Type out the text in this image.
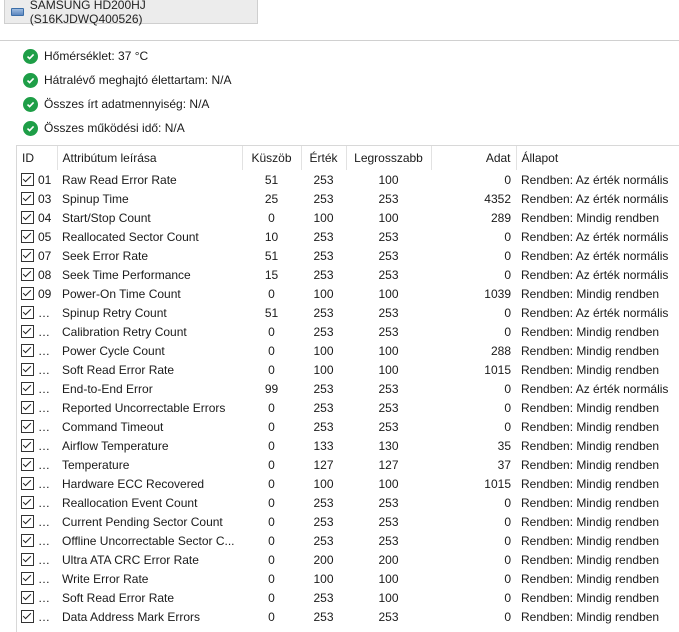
SAMSUNG HD200HJ (S16KJDWQ400526)
Hőmérséklet: 37 °C
Hátralévő meghajtó élettartam: N/A
Összes írt adatmennyiség: N/A
Összes működési idő: N/A
ID	Attribútum leírása	Küszöb	Érték	Legrosszabb	Adat	Állapot
01	Raw Read Error Rate	51	253	100	0	Rendben: Az érték normális
03	Spinup Time	25	253	253	4352	Rendben: Az érték normális
04	Start/Stop Count	0	100	100	289	Rendben: Mindig rendben
05	Reallocated Sector Count	10	253	253	0	Rendben: Az érték normális
07	Seek Error Rate	51	253	253	0	Rendben: Az érték normális
08	Seek Time Performance	15	253	253	0	Rendben: Az érték normális
09	Power-On Time Count	0	100	100	1039	Rendben: Mindig rendben
	Spinup Retry Count	51	253	253	0	Rendben: Az érték normális
	Calibration Retry Count	0	253	253	0	Rendben: Mindig rendben
	Power Cycle Count	0	100	100	288	Rendben: Mindig rendben
	Soft Read Error Rate	0	100	100	1015	Rendben: Mindig rendben
	End-to-End Error	99	253	253	0	Rendben: Az érték normális
	Reported Uncorrectable Errors	0	253	253	0	Rendben: Mindig rendben
	Command Timeout	0	253	253	0	Rendben: Mindig rendben
	Airflow Temperature	0	133	130	35	Rendben: Mindig rendben
	Temperature	0	127	127	37	Rendben: Mindig rendben
	Hardware ECC Recovered	0	100	100	1015	Rendben: Mindig rendben
	Reallocation Event Count	0	253	253	0	Rendben: Mindig rendben
	Current Pending Sector Count	0	253	253	0	Rendben: Mindig rendben
	Offline Uncorrectable Sector C...	0	253	253	0	Rendben: Mindig rendben
	Ultra ATA CRC Error Rate	0	200	200	0	Rendben: Mindig rendben
	Write Error Rate	0	100	100	0	Rendben: Mindig rendben
	Soft Read Error Rate	0	253	100	0	Rendben: Mindig rendben
	Data Address Mark Errors	0	253	253	0	Rendben: Mindig rendben
